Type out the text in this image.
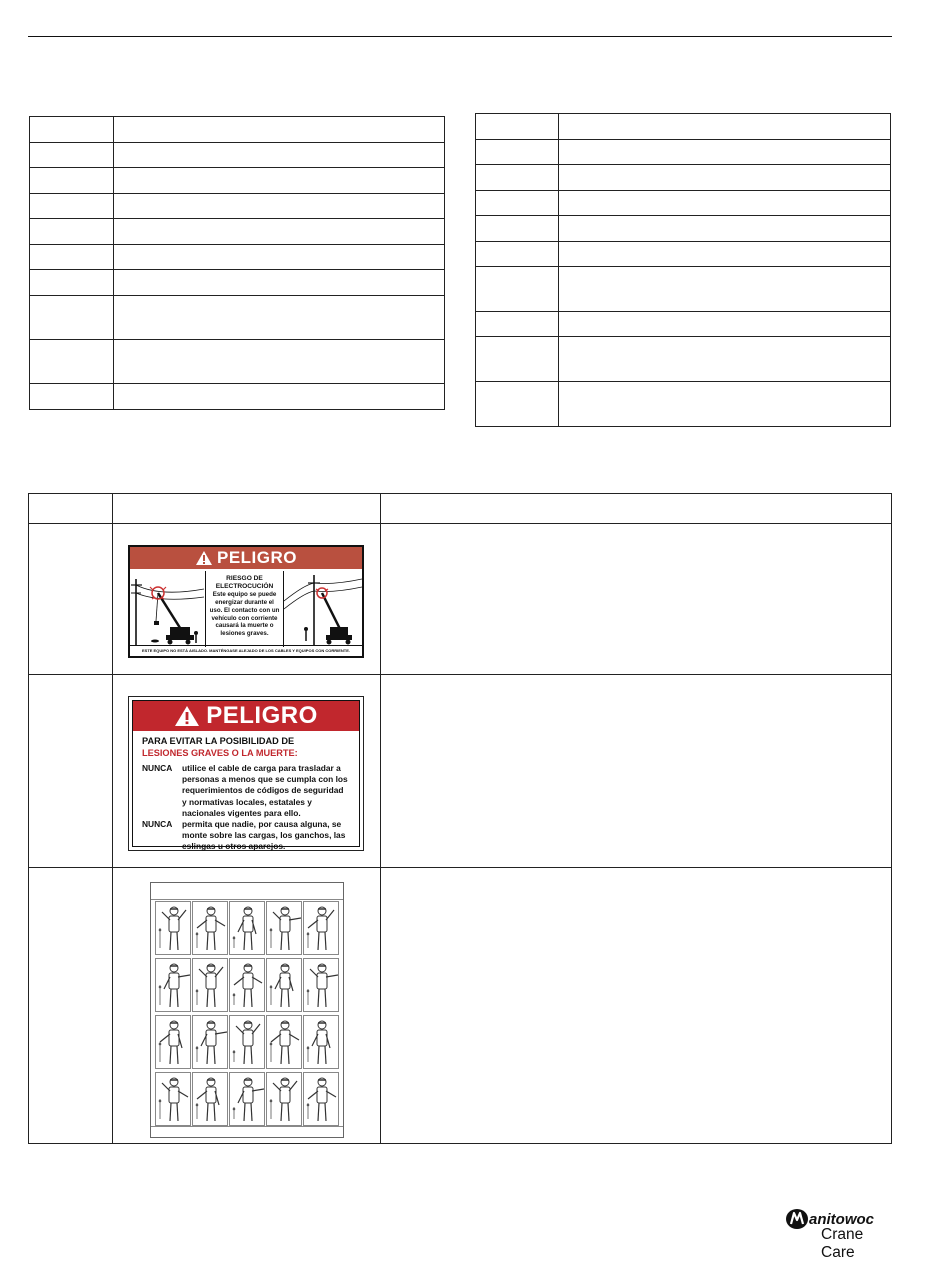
PELIGRO
RIESGO DE
ELECTROCUCIÓN
Este equipo se puede
energizar durante el
uso. El contacto con un
vehículo con corriente
causará la muerte o
lesiones graves.
ESTE EQUIPO NO ESTÁ AISLADO. MANTÉNGASE ALEJADO DE LOS CABLES Y EQUIPOS CON CORRIENTE.
PELIGRO
PARA EVITAR LA POSIBILIDAD DE
LESIONES GRAVES O LA MUERTE:
NUNCA	utilice el cable de carga para trasladar a
personas a menos que se cumpla con los
requerimientos de códigos de seguridad
y normativas locales, estatales y
nacionales vigentes para ello.
NUNCA	permita que nadie, por causa alguna, se
monte sobre las cargas, los ganchos, las
eslingas u otros aparejos.
anitowoc
Crane Care
